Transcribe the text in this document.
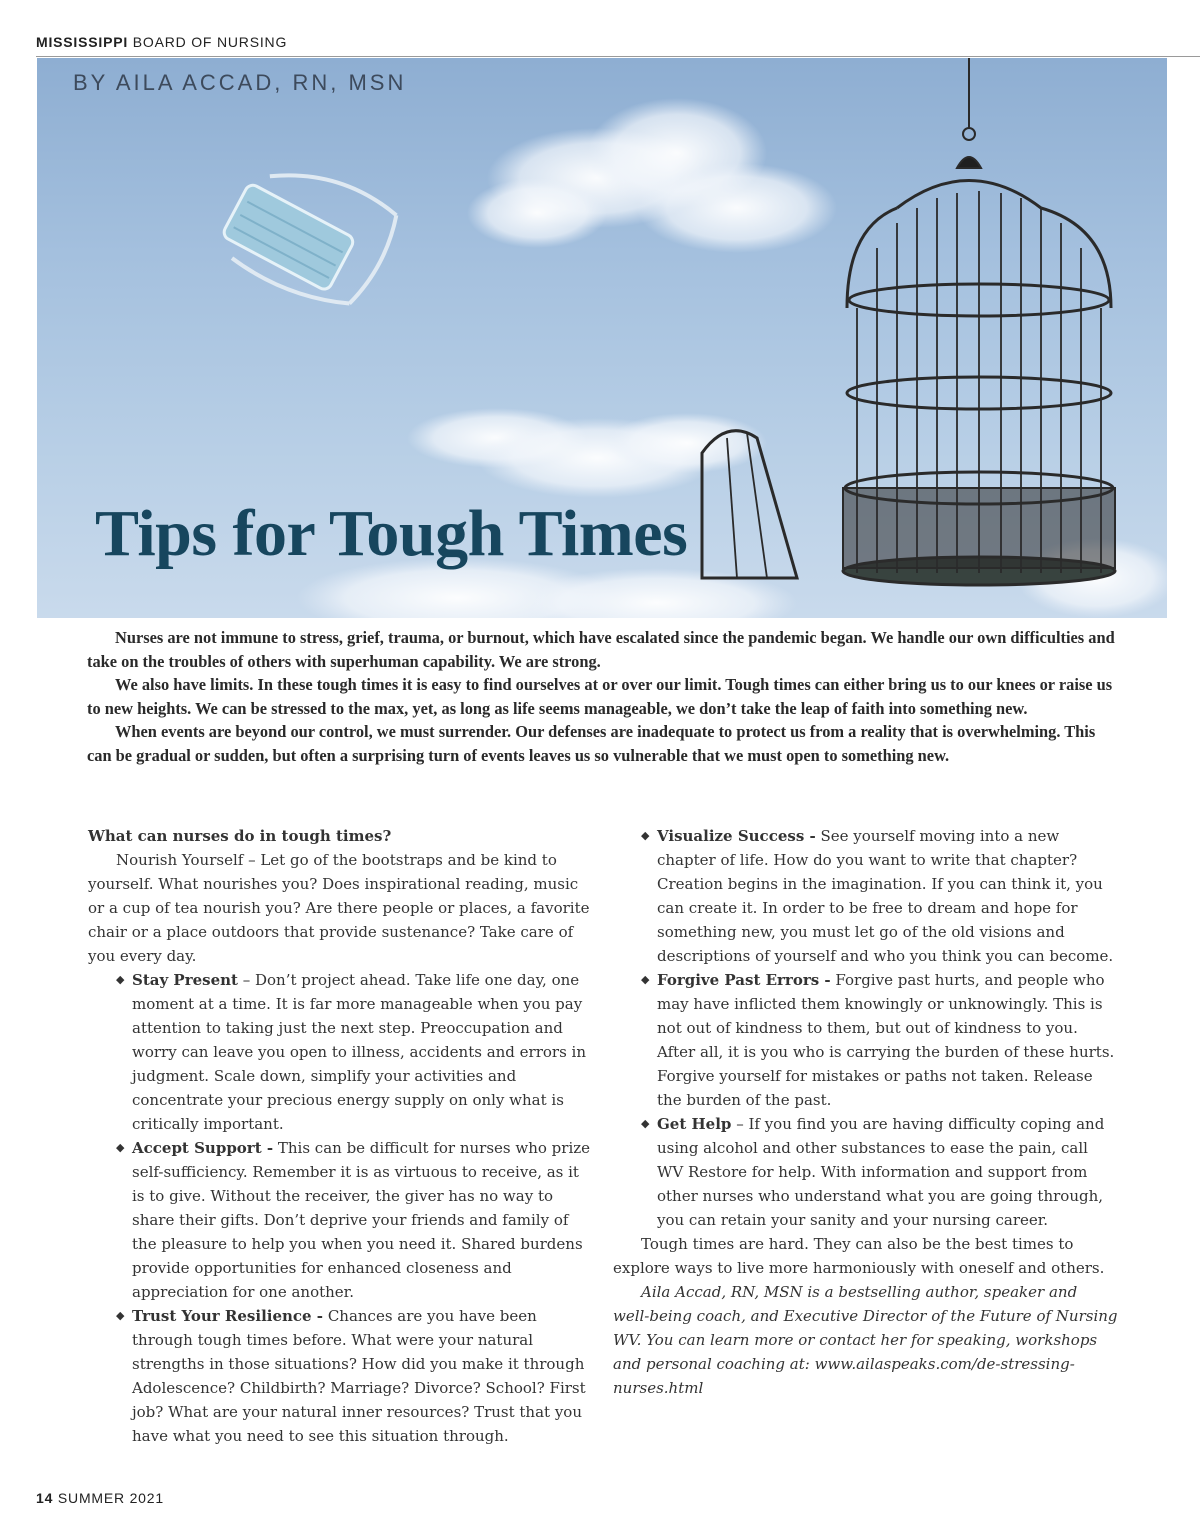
MISSISSIPPI BOARD OF NURSING
BY AILA ACCAD, RN, MSN
Tips for Tough Times

Nurses are not immune to stress, grief, trauma, or burnout, which have escalated since the pandemic began. We handle our own difficulties and take on the troubles of others with superhuman capability. We are strong.

We also have limits. In these tough times it is easy to find ourselves at or over our limit. Tough times can either bring us to our knees or raise us to new heights. We can be stressed to the max, yet, as long as life seems manageable, we don’t take the leap of faith into something new.

When events are beyond our control, we must surrender. Our defenses are inadequate to protect us from a reality that is overwhelming. This can be gradual or sudden, but often a surprising turn of events leaves us so vulnerable that we must open to something new.

What can nurses do in tough times?

Nourish Yourself – Let go of the bootstraps and be kind to yourself. What nourishes you? Does inspirational reading, music or a cup of tea nourish you? Are there people or places, a favorite chair or a place outdoors that provide sustenance? Take care of you every day.

◆ Stay Present – Don’t project ahead. Take life one day, one moment at a time. It is far more manageable when you pay attention to taking just the next step. Preoccupation and worry can leave you open to illness, accidents and errors in judgment. Scale down, simplify your activities and concentrate your precious energy supply on only what is critically important.
◆ Accept Support - This can be difficult for nurses who prize self-sufficiency. Remember it is as virtuous to receive, as it is to give. Without the receiver, the giver has no way to share their gifts. Don’t deprive your friends and family of the pleasure to help you when you need it. Shared burdens provide opportunities for enhanced closeness and appreciation for one another.
◆ Trust Your Resilience - Chances are you have been through tough times before. What were your natural strengths in those situations? How did you make it through Adolescence? Childbirth? Marriage? Divorce? School? First job? What are your natural inner resources? Trust that you have what you need to see this situation through.
◆ Visualize Success - See yourself moving into a new chapter of life. How do you want to write that chapter? Creation begins in the imagination. If you can think it, you can create it. In order to be free to dream and hope for something new, you must let go of the old visions and descriptions of yourself and who you think you can become.
◆ Forgive Past Errors - Forgive past hurts, and people who may have inflicted them knowingly or unknowingly. This is not out of kindness to them, but out of kindness to you. After all, it is you who is carrying the burden of these hurts. Forgive yourself for mistakes or paths not taken. Release the burden of the past.
◆ Get Help – If you find you are having difficulty coping and using alcohol and other substances to ease the pain, call WV Restore for help. With information and support from other nurses who understand what you are going through, you can retain your sanity and your nursing career.

Tough times are hard. They can also be the best times to explore ways to live more harmoniously with oneself and others.

Aila Accad, RN, MSN is a bestselling author, speaker and well-being coach, and Executive Director of the Future of Nursing WV. You can learn more or contact her for speaking, workshops and personal coaching at: www.ailaspeaks.com/de-stressing-nurses.html

14 SUMMER 2021
